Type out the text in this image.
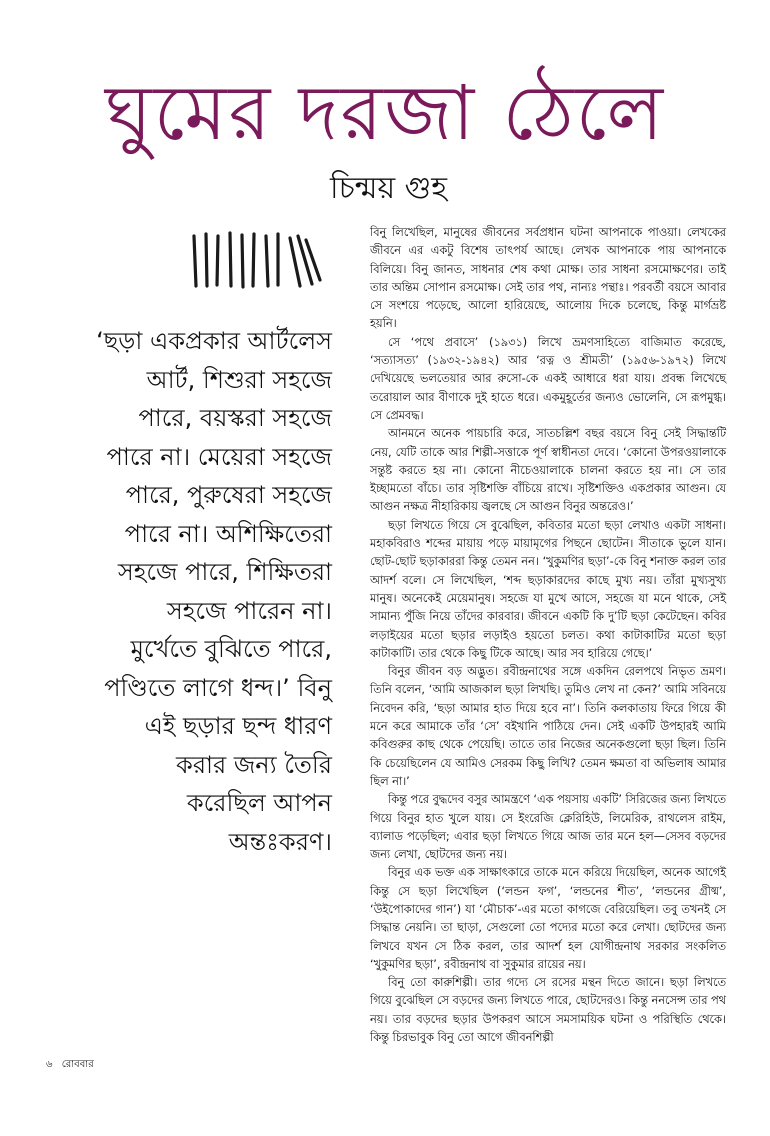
ঘুমের দরজা ঠেলে
চিন্ময় গুহ

‘ছড়া একপ্রকার আর্টলেস আর্ট, শিশুরা সহজে পারে, বয়স্করা সহজে পারে না। মেয়েরা সহজে পারে, পুরুষেরা সহজে পারে না। অশিক্ষিতেরা সহজে পারে, শিক্ষিতরা সহজে পারেন না। মুর্খেতে বুঝিতে পারে, পণ্ডিতে লাগে ধন্দ।’ বিনু এই ছড়ার ছন্দ ধারণ করার জন্য তৈরি করেছিল আপন অন্তঃকরণ।

বিনু লিখেছিল, মানুষের জীবনের সর্বপ্রধান ঘটনা আপনাকে পাওয়া। লেখকের জীবনে এর একটু বিশেষ তাৎপর্য আছে। লেখক আপনাকে পায় আপনাকে বিলিয়ে। বিনু জানত, সাধনার শেষ কথা মোক্ষ। তার সাধনা রসমোক্ষণের। তাই তার অন্তিম সোপান রসমোক্ষ। সেই তার পথ, নান্যঃ পন্থাঃ। পরবর্তী বয়সে আবার সে সংশয়ে পড়েছে, আলো হারিয়েছে, আলোয় দিকে চলেছে, কিন্তু মার্গভ্রষ্ট হয়নি।

সে ‘পথে প্রবাসে’ (১৯৩১) লিখে ভ্রমণসাহিত্যে বাজিমাত করেছে, ‘সত্যাসত্য’ (১৯৩২-১৯৪২) আর ‘রত্ন ও শ্রীমতী’ (১৯৫৬-১৯৭২) লিখে দেখিয়েছে ভলতেয়ার আর রুসো-কে একই আধারে ধরা যায়। প্রবন্ধ লিখেছে তরোয়াল আর বীণাকে দুই হাতে ধরে। একমুহূর্তের জন্যও ভোলেনি, সে রূপমুগ্ধ। সে প্রেমবদ্ধ।

আনমনে অনেক পায়চারি করে, সাতচল্লিশ বছর বয়সে বিনু সেই সিদ্ধান্তটি নেয়, যেটি তাকে আর শিল্পী-সত্তাকে পূর্ণ স্বাধীনতা দেবে। ‘কোনো উপরওয়ালাকে সন্তুষ্ট করতে হয় না। কোনো নীচেওয়ালাকে চালনা করতে হয় না। সে তার ইচ্ছামতো বাঁচে। তার সৃষ্টিশক্তি বাঁচিয়ে রাখে। সৃষ্টিশক্তিও একপ্রকার আগুন। যে আগুন নক্ষত্র নীহারিকায় জ্বলছে সে আগুন বিনুর অন্তরেও।’

ছড়া লিখতে গিয়ে সে বুঝেছিল, কবিতার মতো ছড়া লেখাও একটা সাধনা। মহাকবিরাও শব্দের মায়ায় পড়ে মায়ামৃগের পিছনে ছোটেন। সীতাকে ভুলে যান। ছোট-ছোট ছড়াকাররা কিন্তু তেমন নন। ‘খুকুমণির ছড়া’-কে বিনু শনাক্ত করল তার আদর্শ বলে। সে লিখেছিল, ‘শব্দ ছড়াকারদের কাছে মুখ্য নয়। তাঁরা মুখ্যসুখ্য মানুষ। অনেকেই মেয়েমানুষ। সহজে যা মুখে আসে, সহজে যা মনে থাকে, সেই সামান্য পুঁজি নিয়ে তাঁদের কারবার। জীবনে একটি কি দু’টি ছড়া কেটেছেন। কবির লড়াইয়ের মতো ছড়ার লড়াইও হয়তো চলত। কথা কাটাকাটির মতো ছড়া কাটাকাটি। তার থেকে কিছু টিকে আছে। আর সব হারিয়ে গেছে।’

বিনুর জীবন বড় অদ্ভুত। রবীন্দ্রনাথের সঙ্গে একদিন রেলপথে নিভৃত ভ্রমণ। তিনি বলেন, ‘আমি আজকাল ছড়া লিখছি। তুমিও লেখ না কেন?’ আমি সবিনয়ে নিবেদন করি, ‘ছড়া আমার হাত দিয়ে হবে না’। তিনি কলকাতায় ফিরে গিয়ে কী মনে করে আমাকে তাঁর ‘সে’ বইখানি পাঠিয়ে দেন। সেই একটি উপহারই আমি কবিগুরুর কাছ থেকে পেয়েছি। তাতে তার নিজের অনেকগুলো ছড়া ছিল। তিনি কি চেয়েছিলেন যে আমিও সেরকম কিছু লিখি? তেমন ক্ষমতা বা অভিলাষ আমার ছিল না।’

কিন্তু পরে বুদ্ধদেব বসুর আমন্ত্রণে ‘এক পয়সায় একটি’ সিরিজের জন্য লিখতে গিয়ে বিনুর হাত খুলে যায়। সে ইংরেজি ক্লেরিহিউ, লিমেরিক, রাথলেস রাইম, ব্যালাড পড়েছিল; এবার ছড়া লিখতে গিয়ে আজ তার মনে হল—সেসব বড়দের জন্য লেখা, ছোটদের জন্য নয়।

বিনুর এক ভক্ত এক সাক্ষাৎকারে তাকে মনে করিয়ে দিয়েছিল, অনেক আগেই কিন্তু সে ছড়া লিখেছিল (‘লন্ডন ফগ’, ‘লন্ডনের শীত’, ‘লন্ডনের গ্রীষ্ম’, ‘উইপোকাদের গান’) যা ‘মৌচাক’-এর মতো কাগজে বেরিয়েছিল। তবু তখনই সে সিদ্ধান্ত নেয়নি। তা ছাড়া, সেগুলো তো পদ্যের মতো করে লেখা। ছোটদের জন্য লিখবে যখন সে ঠিক করল, তার আদর্শ হল যোগীন্দ্রনাথ সরকার সংকলিত ‘খুকুমণির ছড়া’, রবীন্দ্রনাথ বা সুকুমার রায়ের নয়।

বিনু তো কারুশিল্পী। তার গদ্যে সে রসের মন্থন দিতে জানে। ছড়া লিখতে গিয়ে বুঝেছিল সে বড়দের জন্য লিখতে পারে, ছোটদেরও। কিন্তু ননসেন্স তার পথ নয়। তার বড়দের ছড়ার উপকরণ আসে সমসাময়িক ঘটনা ও পরিস্থিতি থেকে। কিন্তু চিরভাবুক বিনু তো আগে জীবনশিল্পী

৬ রোববার
